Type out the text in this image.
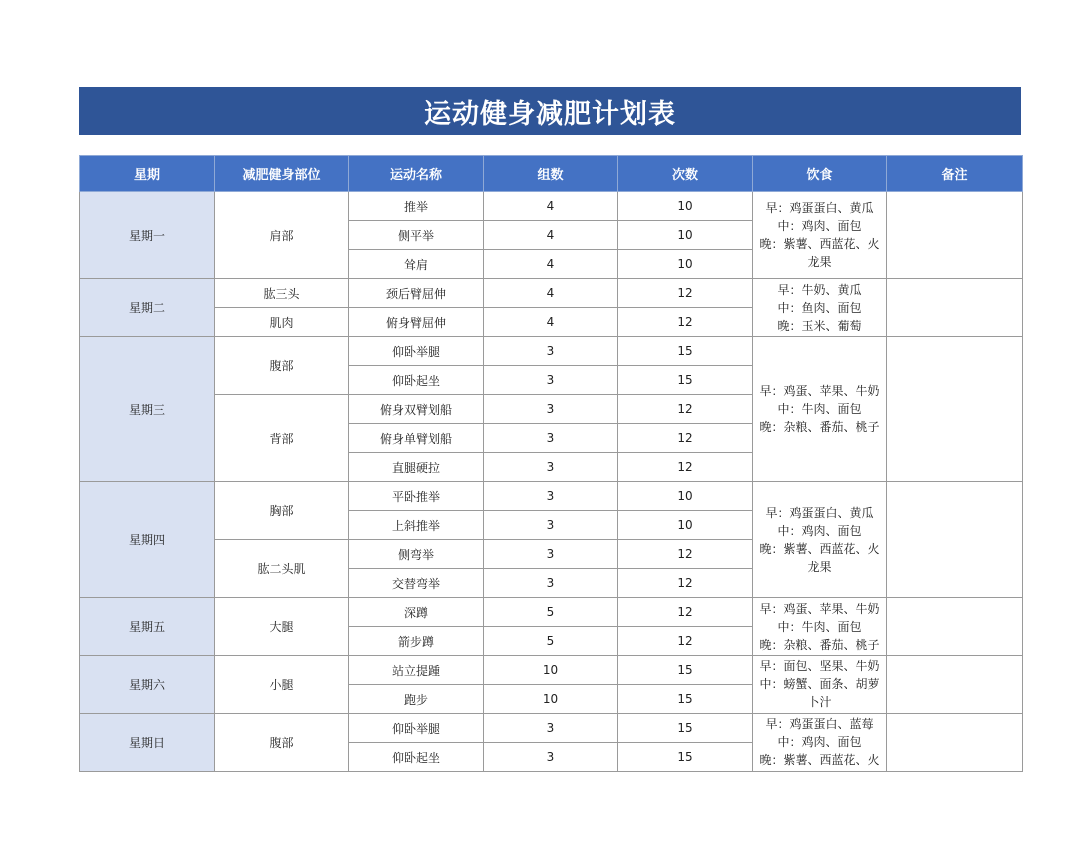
运动健身减肥计划表
星期	减肥健身部位	运动名称	组数	次数	饮食	备注
星期一	肩部	推举	4	10	早：鸡蛋蛋白、黄瓜
中：鸡肉、面包
晚：紫薯、西蓝花、火
龙果	

		侧平举	4	10		
		耸肩	4	10		
星期二	肱三头	颈后臂屈伸	4	12	早：牛奶、黄瓜
中：鱼肉、面包
晚：玉米、葡萄	

	肌肉	俯身臂屈伸	4	12		
星期三	腹部	仰卧举腿	3	15	早：鸡蛋、苹果、牛奶
中：牛肉、面包
晚：杂粮、番茄、桃子	

		仰卧起坐	3	15		
	背部	俯身双臂划船	3	12		
		俯身单臂划船	3	12		
		直腿硬拉	3	12		
星期四	胸部	平卧推举	3	10	早：鸡蛋蛋白、黄瓜
中：鸡肉、面包
晚：紫薯、西蓝花、火
龙果	

		上斜推举	3	10		
	肱二头肌	侧弯举	3	12		
		交替弯举	3	12		
星期五	大腿	深蹲	5	12	早：鸡蛋、苹果、牛奶
中：牛肉、面包
晚：杂粮、番茄、桃子	

		箭步蹲	5	12		
星期六	小腿	站立提踵	10	15	早：面包、坚果、牛奶
中：螃蟹、面条、胡萝
卜汁	

		跑步	10	15		
星期日	腹部	仰卧举腿	3	15	早：鸡蛋蛋白、蓝莓
中：鸡肉、面包
晚：紫薯、西蓝花、火	

		仰卧起坐	3	15		
